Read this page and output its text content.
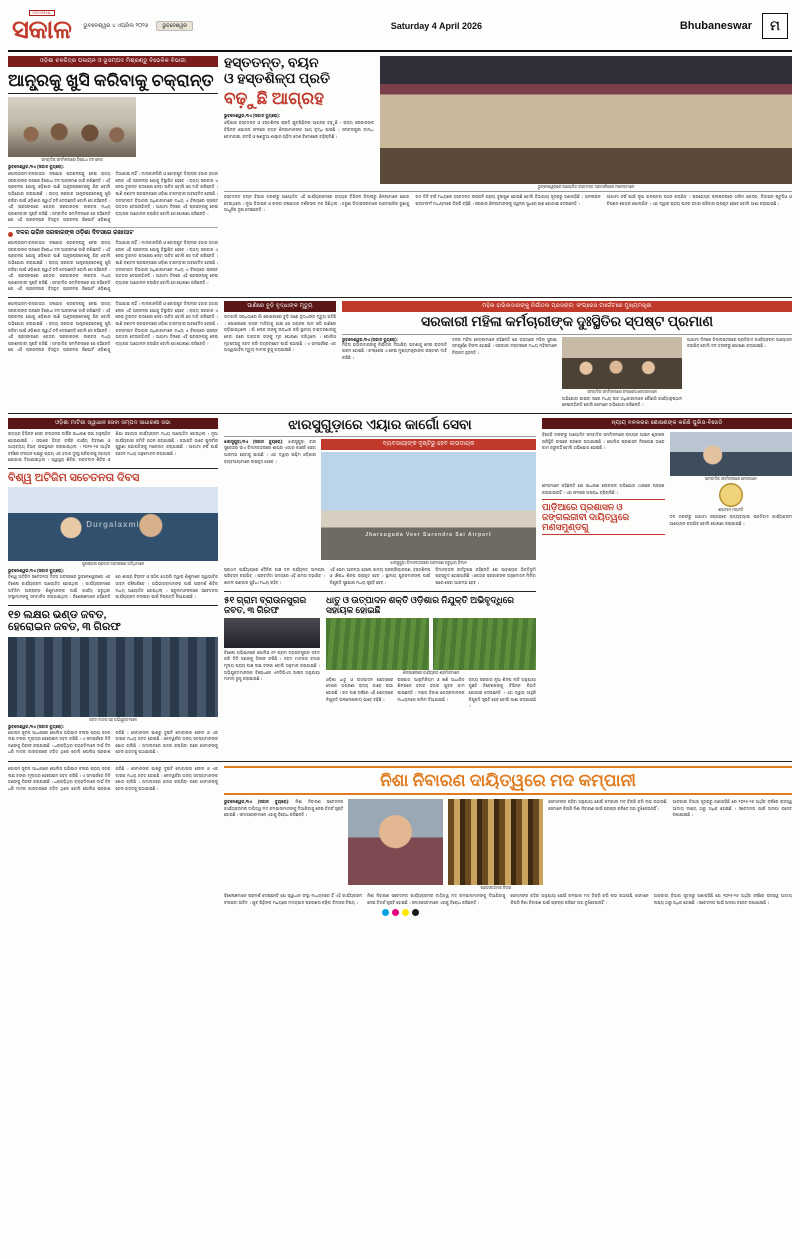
ODISHA
ସକାଳ ଭୁବନେଶ୍ୱର ୪ ଏପ୍ରିଲ ୨୦୨୬	ଭୁବନେଶ୍ୱର	Saturday 4 April 2026	Bhubaneswar	ମ
ଓଡ଼ିଶା ଚଳଚ୍ଚିତ୍ର ପଳାୟନ ଓ ଭୂସମ୍ପଦ ମିଶ୍ରଣ୍ଡୁ ବିଭେଳିକ ବିଭାଗୀ
ଆନ୍ଧ୍ରକୁ ଖୁସି କରିବାକୁ ଚକ୍ରାନ୍ତ
ସମ୍ବାଦିକ ସମ୍ମିଳନୀରେ ବିରୋଧୀ ଦଳ ନେତା
ଭୁବନେଶ୍ୱର,୩ଏ (ସକାଳ ବ୍ୟୁରୋ):
ପୋଲାଭରମ-ବନାକାସନ୍ଦା ସଂଯୋଗ ପ୍ରକଳ୍ପକୁ ନେଇ ରାଜ୍ୟ ସରକାରଙ୍କ ଉପରେ ବିରୋଧୀ ଦଳ ଆକ୍ରମଣ ଜାରି ରଖିଛନ୍ତି । ଏହି ପ୍ରକଳ୍ପ ଯୋଗୁ ଓଡ଼ିଶାର ପାଣି ଆନ୍ଧ୍ରପ୍ରଦେଶକୁ ଯିବ ବୋଲି ଅଭିଯୋଗ କରାଯାଇଛି । ରାଜ୍ୟ ସରକାର ଆନ୍ଧ୍ରପ୍ରଦେଶକୁ ଖୁସି କରିବା ପାଇଁ ଓଡ଼ିଶାର ସ୍ୱାର୍ଥ ବଳି ଦେଉଛନ୍ତି ବୋଲି ସେ କହିଛନ୍ତି । ଏହି ପ୍ରସଙ୍ଗରେ କେନ୍ଦ୍ର ସରକାରଙ୍କ ନୀରବତା ମଧ୍ୟ ପ୍ରଶ୍ନବାଚୀ ସୃଷ୍ଟି କରିଛି । ସମ୍ବାଦିକ ସମ୍ମିଳନୀରେ ସେ କହିଛନ୍ତି ଯେ ଏହି ପ୍ରକଳ୍ପର ବିସ୍ତୃତ ପ୍ରକଳ୍ପ ରିପୋର୍ଟ ଓଡ଼ିଶାକୁ ଦିଆଯାଇ ନାହିଁ । ମାଲକାନଗିରି ଓ କୋରାପୁଟ ଜିଲ୍ଲାର ହଜାର ହଜାର ଲୋକ ଏହି ପ୍ରକଳ୍ପ ଯୋଗୁ ବିସ୍ଥାପିତ ହେବେ । ରାଜ୍ୟ ସରକାର ଏ ନେଇ ତୁରନ୍ତ ପଦକ୍ଷେପ ନେବା ଉଚିତ ବୋଲି ସେ ଦାବି କରିଛନ୍ତି । ପାଣି ବଣ୍ଟନ ପ୍ରସଙ୍ଗରେ ଓଡ଼ିଶା ବାରମ୍ବାର ଅବହେଳିତ ହେଉଛି । ଜଳସମ୍ପଦ ବିଭାଗର ଅଧିକାରୀମାନେ ମଧ୍ୟ ଏ ବିଷୟରେ ସ୍ପଷ୍ଟ ଉତ୍ତର ଦେଉନାହାଁନ୍ତି । ଆଗାମୀ ଦିନରେ ଏହି ପ୍ରସଙ୍ଗକୁ ନେଇ ବ୍ୟାପକ ଆନ୍ଦୋଳନ କରାଯିବ ବୋଲି ସେ ଘୋଷଣା କରିଛନ୍ତି ।
ଦଳର ଭଗିନ ସରକାରଙ୍କ ଓଡ଼ିଶା ଦିବସରେ ରଖାପାଟ
ପୋଲାଭରମ-ବନାକାସନ୍ଦା ସଂଯୋଗ ପ୍ରକଳ୍ପକୁ ନେଇ ରାଜ୍ୟ ସରକାରଙ୍କ ଉପରେ ବିରୋଧୀ ଦଳ ଆକ୍ରମଣ ଜାରି ରଖିଛନ୍ତି । ଏହି ପ୍ରକଳ୍ପ ଯୋଗୁ ଓଡ଼ିଶାର ପାଣି ଆନ୍ଧ୍ରପ୍ରଦେଶକୁ ଯିବ ବୋଲି ଅଭିଯୋଗ କରାଯାଇଛି । ରାଜ୍ୟ ସରକାର ଆନ୍ଧ୍ରପ୍ରଦେଶକୁ ଖୁସି କରିବା ପାଇଁ ଓଡ଼ିଶାର ସ୍ୱାର୍ଥ ବଳି ଦେଉଛନ୍ତି ବୋଲି ସେ କହିଛନ୍ତି । ଏହି ପ୍ରସଙ୍ଗରେ କେନ୍ଦ୍ର ସରକାରଙ୍କ ନୀରବତା ମଧ୍ୟ ପ୍ରଶ୍ନବାଚୀ ସୃଷ୍ଟି କରିଛି । ସମ୍ବାଦିକ ସମ୍ମିଳନୀରେ ସେ କହିଛନ୍ତି ଯେ ଏହି ପ୍ରକଳ୍ପର ବିସ୍ତୃତ ପ୍ରକଳ୍ପ ରିପୋର୍ଟ ଓଡ଼ିଶାକୁ ଦିଆଯାଇ ନାହିଁ । ମାଲକାନଗିରି ଓ କୋରାପୁଟ ଜିଲ୍ଲାର ହଜାର ହଜାର ଲୋକ ଏହି ପ୍ରକଳ୍ପ ଯୋଗୁ ବିସ୍ଥାପିତ ହେବେ । ରାଜ୍ୟ ସରକାର ଏ ନେଇ ତୁରନ୍ତ ପଦକ୍ଷେପ ନେବା ଉଚିତ ବୋଲି ସେ ଦାବି କରିଛନ୍ତି । ପାଣି ବଣ୍ଟନ ପ୍ରସଙ୍ଗରେ ଓଡ଼ିଶା ବାରମ୍ବାର ଅବହେଳିତ ହେଉଛି । ଜଳସମ୍ପଦ ବିଭାଗର ଅଧିକାରୀମାନେ ମଧ୍ୟ ଏ ବିଷୟରେ ସ୍ପଷ୍ଟ ଉତ୍ତର ଦେଉନାହାଁନ୍ତି । ଆଗାମୀ ଦିନରେ ଏହି ପ୍ରସଙ୍ଗକୁ ନେଇ ବ୍ୟାପକ ଆନ୍ଦୋଳନ କରାଯିବ ବୋଲି ସେ ଘୋଷଣା କରିଛନ୍ତି ।
ହସ୍ତତନ୍ତ, ବୟନ
ଓ ହସ୍ତଶିଳ୍ପ ପ୍ରତି
ବଢ଼ୁଛି ଆଗ୍ରହ
ଭୁବନେଶ୍ୱର,୩ଏ (ସକାଳ ବ୍ୟୁରୋ):
ଓଡ଼ିଶାର ହସ୍ତତନ୍ତ ଓ ହସ୍ତଶିଳ୍ପ ପ୍ରତି ଯୁବପିଢ଼ିଙ୍କ ଆଗ୍ରହ ବଢ଼ୁଛି । ରାଜ୍ୟ ସରକାରଙ୍କ ବିଭିନ୍ନ ଯୋଜନା ଫଳରେ ବୟନ ଶିଳ୍ପୀମାନଙ୍କ ଆୟ ବୃଦ୍ଧି ପାଇଛି । ସମ୍ବଲପୁରୀ ବାନ୍ଧ, ବୋମକାଇ, କଟକି ଓ ଖଣ୍ଡୁଆ ଶାଢ଼ୀର ଚାହିଦା ଦେଶ ବିଦେଶରେ ବଢ଼ିଚାଲିଛି ।
ଭୁବନେଶ୍ୱରରେ ଆୟୋଜିତ ହସ୍ତତନ୍ତ ପ୍ରଦର୍ଶନୀରେ ମଡେଲମାନେ
ହସ୍ତତନ୍ତ ବୟନ ବିଭାଗ ତରଫରୁ ଆୟୋଜିତ ଏହି କାର୍ଯ୍ୟକ୍ରମରେ ରାଜ୍ୟର ବିଭିନ୍ନ ଜିଲ୍ଲାରୁ ଶିଳ୍ପୀମାନେ ଯୋଗ ଦେଇଥିଲେ । ନୂଆ ଡିଜାଇନ ଓ ରଙ୍ଗ ସଂଯୋଜନା ଦର୍ଶକଙ୍କ ମନ ଜିଣିଥିଲା । ତରୁଣ ଡିଜାଇନରମାନେ ପାରମ୍ପରିକ ବୁଣାକୁ ଆଧୁନିକ ରୂପ ଦେଇଛନ୍ତି ।
ଗତ ତିନି ବର୍ଷ ମଧ୍ୟରେ ହସ୍ତତନ୍ତ ରପ୍ତାନି ପ୍ରାୟ ଦୁଇଗୁଣ ହୋଇଛି ବୋଲି ବିଭାଗୀୟ ସୂତ୍ରରୁ ଜଣାପଡ଼ିଛି । ଅନଲାଇନ ପ୍ଲାଟଫର୍ମ ମାଧ୍ୟମରେ ବିକ୍ରି ବଢ଼ିଛି । ସରକାର ଶିଳ୍ପୀମାନଙ୍କୁ ସ୍ୱଳ୍ପ ସୁଧରେ ଋଣ ଯୋଗାଇ ଦେଉଛନ୍ତି ।
ଆଗାମୀ ବର୍ଷ ପାଇଁ ନୂଆ କ୍ଲଷ୍ଟର ଗଠନ କରାଯିବ । ପ୍ରତ୍ୟେକ କ୍ଲଷ୍ଟରରେ ତାଲିମ କେନ୍ଦ୍ର, ଡିଜାଇନ ଷ୍ଟୁଡିଓ ଓ ବିପଣନ କେନ୍ଦ୍ର ଖୋଲାଯିବ । ଏହା ଦ୍ୱାରା ପ୍ରାୟ ପନ୍ଦର ହଜାର ପରିବାର ଉପକୃତ ହେବେ ବୋଲି ଆଶା କରାଯାଉଛି ।
ପୋଲାଭରମ-ବନାକାସନ୍ଦା ସଂଯୋଗ ପ୍ରକଳ୍ପକୁ ନେଇ ରାଜ୍ୟ ସରକାରଙ୍କ ଉପରେ ବିରୋଧୀ ଦଳ ଆକ୍ରମଣ ଜାରି ରଖିଛନ୍ତି । ଏହି ପ୍ରକଳ୍ପ ଯୋଗୁ ଓଡ଼ିଶାର ପାଣି ଆନ୍ଧ୍ରପ୍ରଦେଶକୁ ଯିବ ବୋଲି ଅଭିଯୋଗ କରାଯାଇଛି । ରାଜ୍ୟ ସରକାର ଆନ୍ଧ୍ରପ୍ରଦେଶକୁ ଖୁସି କରିବା ପାଇଁ ଓଡ଼ିଶାର ସ୍ୱାର୍ଥ ବଳି ଦେଉଛନ୍ତି ବୋଲି ସେ କହିଛନ୍ତି । ଏହି ପ୍ରସଙ୍ଗରେ କେନ୍ଦ୍ର ସରକାରଙ୍କ ନୀରବତା ମଧ୍ୟ ପ୍ରଶ୍ନବାଚୀ ସୃଷ୍ଟି କରିଛି । ସମ୍ବାଦିକ ସମ୍ମିଳନୀରେ ସେ କହିଛନ୍ତି ଯେ ଏହି ପ୍ରକଳ୍ପର ବିସ୍ତୃତ ପ୍ରକଳ୍ପ ରିପୋର୍ଟ ଓଡ଼ିଶାକୁ ଦିଆଯାଇ ନାହିଁ । ମାଲକାନଗିରି ଓ କୋରାପୁଟ ଜିଲ୍ଲାର ହଜାର ହଜାର ଲୋକ ଏହି ପ୍ରକଳ୍ପ ଯୋଗୁ ବିସ୍ଥାପିତ ହେବେ । ରାଜ୍ୟ ସରକାର ଏ ନେଇ ତୁରନ୍ତ ପଦକ୍ଷେପ ନେବା ଉଚିତ ବୋଲି ସେ ଦାବି କରିଛନ୍ତି । ପାଣି ବଣ୍ଟନ ପ୍ରସଙ୍ଗରେ ଓଡ଼ିଶା ବାରମ୍ବାର ଅବହେଳିତ ହେଉଛି । ଜଳସମ୍ପଦ ବିଭାଗର ଅଧିକାରୀମାନେ ମଧ୍ୟ ଏ ବିଷୟରେ ସ୍ପଷ୍ଟ ଉତ୍ତର ଦେଉନାହାଁନ୍ତି । ଆଗାମୀ ଦିନରେ ଏହି ପ୍ରସଙ୍ଗକୁ ନେଇ ବ୍ୟାପକ ଆନ୍ଦୋଳନ କରାଯିବ ବୋଲି ସେ ଘୋଷଣା କରିଛନ୍ତି ।
ପାଣିରେ ବୁଡ଼ି ବୃଦ୍ଧାଙ୍କ ମୃତ୍ୟୁ
ଗତକାଲି ସନ୍ଧ୍ୟାରେ ଗାଁ ପୋଖରୀରେ ବୁଡ଼ି ଜଣେ ବୃଦ୍ଧାଙ୍କ ମୃତ୍ୟୁ ଘଟିଛି । ପୋଖରୀରେ ବାସନ ମାଜିବାକୁ ଯାଇ ସେ ଅଚାନକ ପାଦ ଖସି ପାଣିରେ ପଡ଼ିଯାଇଥିଲେ । ଗାଁ ଲୋକ ତାଙ୍କୁ ଉଦ୍ଧାର କରି ସ୍ଥାନୀୟ ଡାକ୍ତରଖାନାକୁ ନେବା ପରେ ଡାକ୍ତର ତାଙ୍କୁ ମୃତ ଘୋଷଣା କରିଥିଲେ । ପୋଲିସ ମୃତଦେହକୁ ଜବତ କରି ବ୍ୟବଚ୍ଛେଦ ପାଇଁ ପଠାଇଛି । ଏ ସମ୍ପର୍କରେ ଏକ ଅସ୍ୱାଭାବିକ ମୃତ୍ୟୁ ମାମଲା ରୁଜୁ କରାଯାଇଛି ।
ମହିଳା ହାଭିଲଦାରଙ୍କୁ ନିର୍ଯାତନା ପ୍ରସଙ୍ଗ: କଂଗ୍ରେସ ଟାର୍ଗେଟରେ ମୁଖ୍ୟମନ୍ତ୍ରୀ
ସରକାରୀ ମହିଳା କର୍ମଚାରୀଙ୍କ ଦୁଃସ୍ଥିତିର ସ୍ପଷ୍ଟ ପ୍ରମାଣ
ଭୁବନେଶ୍ୱର,୩ଏ (ସକାଳ ବ୍ୟୁରୋ):
ମହିଳା ହାଭିଲଦାରଙ୍କୁ ନିର୍ଯାତନା ଦିଆଯିବା ଘଟଣାକୁ ନେଇ ରାଜନୀତି ଗରମ ହୋଇଛି । କଂଗ୍ରେସ ଏ ନେଇ ମୁଖ୍ୟମନ୍ତ୍ରୀଙ୍କ ଇସ୍ତଫା ଦାବି କରିଛି ।
ଦଳର ମହିଳା ନେତ୍ରୀମାନେ କହିଛନ୍ତି ଯେ ରାଜ୍ୟରେ ମହିଳା ସୁରକ୍ଷା ସମ୍ପୂର୍ଣ୍ଣ ବିଫଳ ହୋଇଛି । ସରକାରୀ ଦପ୍ତରରେ ମଧ୍ୟ ମହିଳାମାନେ ନିରାପଦ ନୁହନ୍ତି ।
ସମ୍ବାଦିକ ସମ୍ମିଳନୀରେ କଂଗ୍ରେସ ନେତ୍ରୀମାନେ
ଅଭିଯୋଗ ପାଇବା ପରେ ମଧ୍ୟ ଉଚ୍ଚ ଅଧିକାରୀମାନେ କୌଣସି କାର୍ଯ୍ୟାନୁଷ୍ଠାନ ନେଇନାହାଁନ୍ତି ବୋଲି ସେମାନେ ଅଭିଯୋଗ କରିଛନ୍ତି ।
ଆଗାମୀ ଦିନରେ ଜିଲ୍ଲାସ୍ତରରେ ପ୍ରତିବାଦ କାର୍ଯ୍ୟକ୍ରମ ଆୟୋଜନ କରାଯିବ ବୋଲି ଦଳ ତରଫରୁ ଘୋଷଣା କରାଯାଇଛି ।
ଓଡ଼ିଶା ମାଟିରୀ ସ୍ୱାଧୀନ ସେବା ସମ୍ପଦ ସାଧାରଣୀ ସଭା
ରାଜ୍ୟର ବିଭିନ୍ନ ସେବା ସଂଗଠନର ବାର୍ଷିକ ସାଧାରଣ ସଭା ଅନୁଷ୍ଠିତ ହୋଇଯାଇଛି । ସଭାରେ ବିଗତ ବର୍ଷର କାର୍ଯ୍ୟ ବିବରଣୀ ଓ ଆୟବ୍ୟୟ ହିସାବ ଉପସ୍ଥାପନ କରାଯାଇଥିଲା । ୨୦୨୫-୨୬ ଆର୍ଥିକ ବର୍ଷରେ ସଂଗଠନ ପକ୍ଷରୁ ପ୍ରାୟ ଏକ ହଜାର ଦୁଃସ୍ଥ ପରିବାରକୁ ସହାୟତା ଯୋଗାଇ ଦିଆଯାଇଥିଲା । ସ୍ୱାସ୍ଥ୍ୟ ଶିବିର, ରକ୍ତଦାନ ଶିବିର ଓ ଶିକ୍ଷା ସହାୟତା କାର୍ଯ୍ୟକ୍ରମ ମଧ୍ୟ ଆୟୋଜିତ ହୋଇଥିଲା । ନୂଆ କାର୍ଯ୍ୟକାରୀ କମିଟି ଗଠନ କରାଯାଇଛି । ସଭାପତି ଭାବେ ପୁନର୍ବାର ପୁରୁଣା ସଭାପତିଙ୍କୁ ମନୋନୀତ କରାଯାଇଛି । ଆଗାମୀ ବର୍ଷ ପାଇଁ ବଜେଟ ମଧ୍ୟ ଅନୁମୋଦନ କରାଯାଇଛି ।
ବିଶ୍ୱ ଅଟିଜିମ ସଚେତନତା ଦିବସ
Durgalaxmi
ପୁରସ୍କାର ପ୍ରଦାନ ଅବସରରେ ଅତିଥିମାନେ
ଭୁବନେଶ୍ୱର,୩ଏ (ସକାଳ ବ୍ୟୁରୋ):
ବିଶ୍ୱ ଅଟିଜିମ ସଚେତନତା ଦିବସ ଅବସରରେ ଭୁବନେଶ୍ୱରରେ ଏକ ବିଶେଷ କାର୍ଯ୍ୟକ୍ରମ ଆୟୋଜିତ ହୋଇଥିଲା । କାର୍ଯ୍ୟକ୍ରମରେ ଅଟିଜିମ ଆକ୍ରାନ୍ତ ଶିଶୁମାନଙ୍କ ପାଇଁ କାର୍ଯ୍ୟ କରୁଥିବା ସଂସ୍ଥାମାନଙ୍କୁ ସମ୍ମାନିତ କରାଯାଇଥିଲା । ବିଶେଷଜ୍ଞମାନେ କହିଛନ୍ତି ଯେ ଶୀଘ୍ର ଚିହ୍ନଟ ଓ ସଠିକ ଥେରାପି ଦ୍ୱାରା ଶିଶୁମାନେ ସ୍ୱାଭାବିକ ଜୀବନ ବଞ୍ଚିପାରିବେ । ଅଭିଭାବକମାନଙ୍କ ପାଇଁ ପରାମର୍ଶ ଶିବିର ମଧ୍ୟ ଆୟୋଜିତ ହୋଇଥିଲା । ସ୍କୁଲମାନଙ୍କରେ ସଚେତନତା କାର୍ଯ୍ୟକ୍ରମ ଚଲାଇବା ପାଇଁ ନିଷ୍ପତ୍ତି ନିଆଯାଇଛି ।
୧୭ ଲକ୍ଷର ଭଣ୍ଡ ଜବତ,
ହେରୋଇନ ଜବତ, ୩ ଗିରଫ
ଜବତ ମାଦକ ସହ ଅଭିଯୁକ୍ତମାନେ
ଭୁବନେଶ୍ୱର,୩ଏ (ସକାଳ ବ୍ୟୁରୋ):
ଗୋପନ ସୂଚନା ଆଧାରରେ ପୋଲିସ ଅଭିଯାନ ଚଳାଇ ପ୍ରାୟ ସତର ଲକ୍ଷ ଟଙ୍କା ମୂଲ୍ୟର ହେରୋଇନ ଜବତ କରିଛି । ଏ ସମ୍ପର୍କରେ ତିନି ଜଣଙ୍କୁ ଗିରଫ କରାଯାଇଛି । ଧରାପଡ଼ିଥିବା ବ୍ୟକ୍ତିମାନେ ଦୀର୍ଘ ଦିନ ଧରି ମାଦକ କାରବାରରେ ଜଡ଼ିତ ଥିଲେ ବୋଲି ପୋଲିସ ପ୍ରକାଶ କରିଛି । ସେମାନଙ୍କ ପାଖରୁ ଦୁଇଟି ମୋବାଇଲ ଫୋନ ଓ ଏକ ବାଇକ ମଧ୍ୟ ଜବତ ହୋଇଛି । ନେଟୱର୍କର ଅନ୍ୟ ସଦସ୍ୟମାନଙ୍କ ଖୋଜ ଚାଲିଛି । ଅଦାଲତରେ ହାଜର କରାଯିବା ପରେ ସେମାନଙ୍କୁ ଜେଲ ହାଜତକୁ ପଠାଯାଇଛି ।
ଝାରସୁଗୁଡ଼ାରେ ଏୟାର କାର୍ଗୋ ସେବା
ଝାରସୁଗୁଡ଼ା,୩ଏ (ସକାଳ ବ୍ୟୁରୋ): ଝାରସୁଗୁଡ଼ା ବୀର ସୁରେନ୍ଦ୍ର ସାଏ ବିମାନବନ୍ଦରରେ ଶୀଘ୍ର ଏୟାର କାର୍ଗୋ ସେବା ଆରମ୍ଭ ହେବାକୁ ଯାଉଛି । ଏହା ଦ୍ୱାରା ପଶ୍ଚିମ ଓଡ଼ିଶାର ବ୍ୟବସାୟୀମାନେ ଉପକୃତ ହେବେ ।
ବ୍ୟବସାୟୀଙ୍କ ଦୃଷ୍ଟିରୁ ହେବ ଲାଭଦାୟକ
Jharsuguda Veer Surendra Sai Airport
ଝାରସୁଗୁଡ଼ା ବିମାନବନ୍ଦରରେ ଅବତରଣ କରୁଥିବା ବିମାନ
ପ୍ରଥମ ପର୍ଯ୍ୟାୟରେ ଦୈନିକ ପାଞ୍ଚ ଟନ ପର୍ଯ୍ୟନ୍ତ ସାମଗ୍ରୀ ପରିବହନ କରାଯିବ । ପରବର୍ତ୍ତୀ ସମୟରେ ଏହି କ୍ଷମତା ବଢ଼ାଯିବ । ଶୀତଳ ଭଣ୍ଡାର ସୁବିଧା ମଧ୍ୟ ରହିବ ।
ଏହି ସେବା ଆରମ୍ଭ ହେଲେ ଖାଦ୍ୟ ପ୍ରକ୍ରିୟାକରଣ, ହସ୍ତଶିଳ୍ପ ଓ ଔଷଧ ଶିଳ୍ପ ଉପକୃତ ହେବ । ସ୍ଥାନୀୟ ଯୁବକମାନଙ୍କ ପାଇଁ ନିଯୁକ୍ତି ସୁଯୋଗ ମଧ୍ୟ ସୃଷ୍ଟି ହେବ ।
ବିମାନବନ୍ଦର କର୍ତ୍ତୃପକ୍ଷ କହିଛନ୍ତି ଯେ ଆବଶ୍ୟକ ଭିତ୍ତିଭୂମି ପ୍ରସ୍ତୁତ ହୋଇସାରିଛି । କେନ୍ଦ୍ର ସରକାରଙ୍କ ଅନୁମୋଦନ ମିଳିବା ପରେ ସେବା ଆରମ୍ଭ ହେବ ।
୫୧ ଗ୍ରାମ ବ୍ରାଉନସୁଗର
ଜବତ, ୩ ଗିରଫ
ବିଶେଷ ଅଭିଯାନରେ ପୋଲିସ ୫୧ ଗ୍ରାମ ବ୍ରାଉନସୁଗର ଜବତ କରି ତିନି ଜଣଙ୍କୁ ଗିରଫ କରିଛି । ଜବତ ମାଦକର ବଜାର ମୂଲ୍ୟ ପ୍ରାୟ ପାଞ୍ଚ ଲକ୍ଷ ଟଙ୍କା ବୋଲି ଅନୁମାନ କରାଯାଉଛି । ଅଭିଯୁକ୍ତମାନଙ୍କ ବିରୋଧରେ ଏନଡିପିଏସ ଆଇନ ଅନୁଯାୟୀ ମାମଲା ରୁଜୁ କରାଯାଇଛି ।
ଧାତୁ ଓ ଉତ୍ପାଦନ ଶକ୍ତି ଓଡ଼ିଶାର ନିଯୁକ୍ତି ଅଭିବୃଦ୍ଧିରେ ସହାୟକ ହୋଇଛି
ଶିଳ୍ପାଞ୍ଚଳରେ କାର୍ଯ୍ୟରତ ଶ୍ରମିକମାନେ
ଓଡ଼ିଶା ଧାତୁ ଓ ଉତ୍ପାଦନ କ୍ଷେତ୍ରରେ ଦେଶର ଅଗ୍ରଣୀ ରାଜ୍ୟ ଭାବେ ଉଭା ହୋଇଛି । ଗତ ପାଞ୍ଚ ବର୍ଷରେ ଏହି କ୍ଷେତ୍ରରେ ନିଯୁକ୍ତି ଉଲ୍ଲେଖନୀୟ ଭାବେ ବଢ଼ିଛି ।
ଇସ୍ପାତ, ଆଲୁମିନିୟମ ଓ ଖଣି ଆଧାରିତ ଶିଳ୍ପରେ ହଜାର ହଜାର ଯୁବକ କାମ ପାଇଛନ୍ତି । ଦକ୍ଷତା ବିକାଶ କେନ୍ଦ୍ରମାନଙ୍କ ମାଧ୍ୟମରେ ତାଲିମ ଦିଆଯାଉଛି ।
ରାଜ୍ୟ ସରକାର ନୂଆ ଶିଳ୍ପ ନୀତି ଅନୁଯାୟୀ ପୁଞ୍ଜି ନିବେଶକଙ୍କୁ ବିଭିନ୍ନ ରିହାତି ଯୋଗାଇ ଦେଉଛନ୍ତି । ଏହା ଦ୍ୱାରା ଆହୁରି ନିଯୁକ୍ତି ସୃଷ୍ଟି ହେବ ବୋଲି ଆଶା କରାଯାଉଛି ।
ନ୍ୟାୟ ବଳକରର ଶୋଷଣଙ୍କ କରିଛି ପୁଲିସ-ବିଜେଡି
ବିଜେଡି ତରଫରୁ ଆୟୋଜିତ ସମ୍ବାଦିକ ସମ୍ମିଳନୀରେ ରାଜ୍ୟର ଆଇନ ଶୃଙ୍ଖଳା ପରିସ୍ଥିତି ଉପରେ ପ୍ରଶ୍ନ ଉଠାଯାଇଛି । ପୋଲିସ ପ୍ରଶାସନ ନିରପେକ୍ଷ ଭାବେ କାମ କରୁନାହିଁ ବୋଲି ଅଭିଯୋଗ ହୋଇଛି ।
ସାମ୍ବାଦିକ ସମ୍ମିଳନୀରେ ନେତାମାନେ
ନେତାମାନେ କହିଛନ୍ତି ଯେ ସାଧାରଣ ଲୋକଙ୍କ ଅଭିଯୋଗ ଥାନାରେ ଗ୍ରହଣ କରାଯାଉନାହିଁ । ଏହା ଫଳରେ ଅପରାଧ ବଢ଼ିଚାଲିଛି ।
ପାଡ଼ିଆରେ ପ୍ରଶାସନ ଓ
ଜଙ୍ଗଲଜୀବୀ ଦାୟିତ୍ୱରେ
ମଣସମୁଣ୍ଡଗୁ
ଶ୍ରୀମାନ ମହାନ୍ତି
ଦଳ ତରଫରୁ ଆଗାମୀ ସପ୍ତାହରେ ରାଜ୍ୟବ୍ୟାପୀ ପ୍ରତିବାଦ କାର୍ଯ୍ୟକ୍ରମ ଆୟୋଜନ କରାଯିବ ବୋଲି ଘୋଷଣା କରାଯାଇଛି ।
ଗୋପନ ସୂଚନା ଆଧାରରେ ପୋଲିସ ଅଭିଯାନ ଚଳାଇ ପ୍ରାୟ ସତର ଲକ୍ଷ ଟଙ୍କା ମୂଲ୍ୟର ହେରୋଇନ ଜବତ କରିଛି । ଏ ସମ୍ପର୍କରେ ତିନି ଜଣଙ୍କୁ ଗିରଫ କରାଯାଇଛି । ଧରାପଡ଼ିଥିବା ବ୍ୟକ୍ତିମାନେ ଦୀର୍ଘ ଦିନ ଧରି ମାଦକ କାରବାରରେ ଜଡ଼ିତ ଥିଲେ ବୋଲି ପୋଲିସ ପ୍ରକାଶ କରିଛି । ସେମାନଙ୍କ ପାଖରୁ ଦୁଇଟି ମୋବାଇଲ ଫୋନ ଓ ଏକ ବାଇକ ମଧ୍ୟ ଜବତ ହୋଇଛି । ନେଟୱର୍କର ଅନ୍ୟ ସଦସ୍ୟମାନଙ୍କ ଖୋଜ ଚାଲିଛି । ଅଦାଲତରେ ହାଜର କରାଯିବା ପରେ ସେମାନଙ୍କୁ ଜେଲ ହାଜତକୁ ପଠାଯାଇଛି ।	ନିଶା ନିବାରଣ ଦାୟିତ୍ୱରେ ମଦ କମ୍ପାନୀ
ଭୁବନେଶ୍ୱର,୩ଏ (ସକାଳ ବ୍ୟୁରୋ): ନିଶା ନିବାରଣ ସଚେତନତା କାର୍ଯ୍ୟକ୍ରମର ଦାୟିତ୍ୱ ମଦ କମ୍ପାନୀମାନଙ୍କୁ ଦିଆଯିବାକୁ ନେଇ ବିତର୍କ ସୃଷ୍ଟି ହୋଇଛି । ସମାଜସେବୀମାନେ ଏହାକୁ ବିରୋଧ କରିଛନ୍ତି ।
ପ୍ରତୀକାତ୍ମକ ଚିତ୍ର
ସେମାନଙ୍କ କହିବା ଅନୁଯାୟୀ ଯେଉଁ କମ୍ପାନୀ ମଦ ବିକ୍ରି କରି ଲାଭ ଉଠାଉଛି, ସେମାନେ କିପରି ନିଶା ନିବାରଣ ପାଇଁ ପ୍ରଚାର କରିବେ ତାହା ବୁଝିହେଉନାହିଁ ।
ଆବକାରୀ ବିଭାଗ ସୂତ୍ରରୁ ଜଣାପଡ଼ିଛି ଯେ ୨୦୨୫-୨୬ ଆର୍ଥିକ ବର୍ଷରେ ରାଜସ୍ୱ ଆଦାୟ ଲକ୍ଷ୍ୟ ଠାରୁ ଅଧିକ ହୋଇଛି । ସଚେତନତା ପାଇଁ ଅଲଗା ବଜେଟ ରଖାଯାଇଛି ।
ବିଶେଷଜ୍ଞମାନେ ପରାମର୍ଶ ଦେଇଛନ୍ତି ଯେ ସ୍ୱାଧୀନ ସଂସ୍ଥା ମାଧ୍ୟମରେ ହିଁ ଏହି କାର୍ଯ୍ୟକ୍ରମ ଚଳାଇବା ଉଚିତ । ଯୁବ ପିଢ଼ିଙ୍କ ମଧ୍ୟରେ ମଦ୍ୟପାନ ପ୍ରବଣତା ବଢ଼ିବା ଚିନ୍ତାର ବିଷୟ ।
ନିଶା ନିବାରଣ ସଚେତନତା କାର୍ଯ୍ୟକ୍ରମର ଦାୟିତ୍ୱ ମଦ କମ୍ପାନୀମାନଙ୍କୁ ଦିଆଯିବାକୁ ନେଇ ବିତର୍କ ସୃଷ୍ଟି ହୋଇଛି । ସମାଜସେବୀମାନେ ଏହାକୁ ବିରୋଧ କରିଛନ୍ତି ।
ସେମାନଙ୍କ କହିବା ଅନୁଯାୟୀ ଯେଉଁ କମ୍ପାନୀ ମଦ ବିକ୍ରି କରି ଲାଭ ଉଠାଉଛି, ସେମାନେ କିପରି ନିଶା ନିବାରଣ ପାଇଁ ପ୍ରଚାର କରିବେ ତାହା ବୁଝିହେଉନାହିଁ ।
ଆବକାରୀ ବିଭାଗ ସୂତ୍ରରୁ ଜଣାପଡ଼ିଛି ଯେ ୨୦୨୫-୨୬ ଆର୍ଥିକ ବର୍ଷରେ ରାଜସ୍ୱ ଆଦାୟ ଲକ୍ଷ୍ୟ ଠାରୁ ଅଧିକ ହୋଇଛି । ସଚେତନତା ପାଇଁ ଅଲଗା ବଜେଟ ରଖାଯାଇଛି ।
